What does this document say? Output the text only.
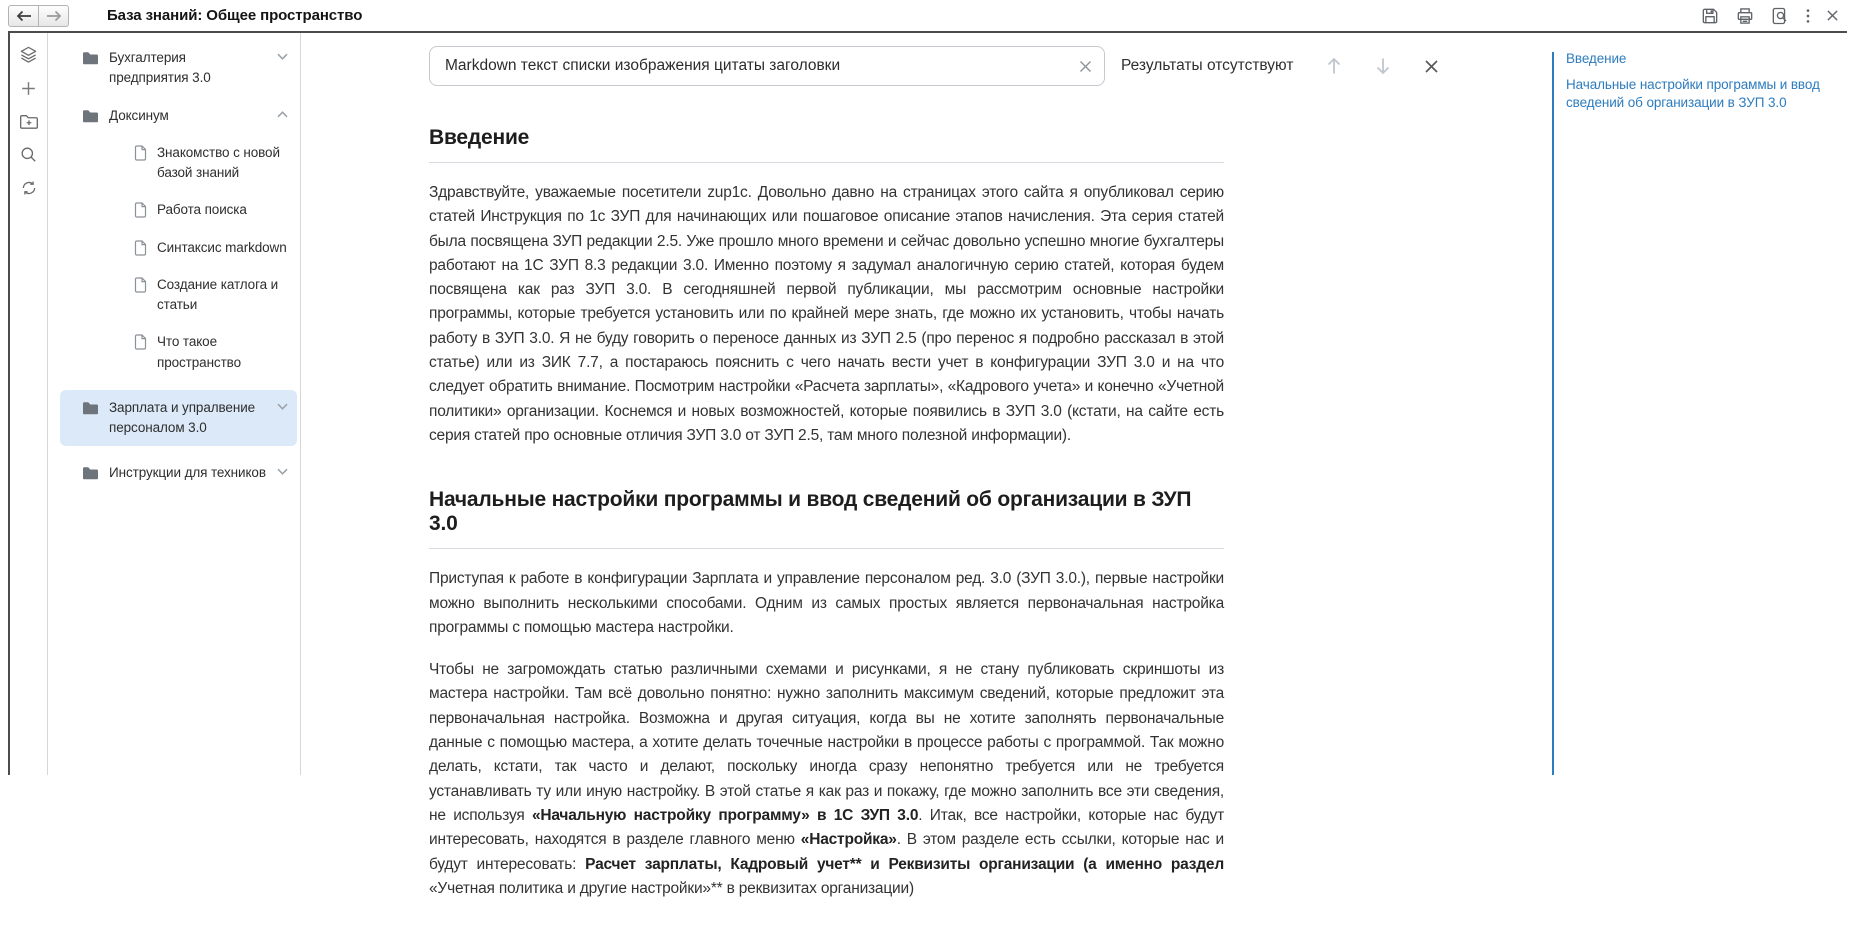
База знаний: Общее пространство
Бухгалтерия предприятия 3.0
Доксинум
Знакомство с новой базой знаний
Работа поиска
Синтаксис markdown
Создание катлога и статьи
Что такое пространство
Зарплата и упралвение персоналом 3.0
Инструкции для техников
Markdown текст списки изображения цитаты заголовки
Результаты отсутствуют
Введение

Здравствуйте, уважаемые посетители zup1c. Довольно давно на страницах этого сайта я опубликовал серию статей Инструкция по 1с ЗУП для начинающих или пошаговое описание этапов начисления. Эта серия статей была посвящена ЗУП редакции 2.5. Уже прошло много времени и сейчас довольно успешно многие бухгалтеры работают на 1С ЗУП 8.3 редакции 3.0. Именно поэтому я задумал аналогичную серию статей, которая будем посвящена как раз ЗУП 3.0. В сегодняшней первой публикации, мы рассмотрим основные настройки программы, которые требуется установить или по крайней мере знать, где можно их установить, чтобы начать работу в ЗУП 3.0. Я не буду говорить о переносе данных из ЗУП 2.5 (про перенос я подробно рассказал в этой статье) или из ЗИК 7.7, а постараюсь пояснить с чего начать вести учет в конфигурации ЗУП 3.0 и на что следует обратить внимание. Посмотрим настройки «Расчета зарплаты», «Кадрового учета» и конечно «Учетной политики» организации. Коснемся и новых возможностей, которые появились в ЗУП 3.0 (кстати, на сайте есть серия статей про основные отличия ЗУП 3.0 от ЗУП 2.5, там много полезной информации).

Начальные настройки программы и ввод сведений об организации в ЗУП 3.0

Приступая к работе в конфигурации Зарплата и управление персоналом ред. 3.0 (ЗУП 3.0.), первые настройки можно выполнить несколькими способами. Одним из самых простых является первоначальная настройка программы с помощью мастера настройки.

Чтобы не загромождать статью различными схемами и рисунками, я не стану публиковать скриншоты из мастера настройки. Там всё довольно понятно: нужно заполнить максимум сведений, которые предложит эта первоначальная настройка. Возможна и другая ситуация, когда вы не хотите заполнять первоначальные данные с помощью мастера, а хотите делать точечные настройки в процессе работы с программой. Так можно делать, кстати, так часто и делают, поскольку иногда сразу непонятно требуется или не требуется устанавливать ту или иную настройку. В этой статье я как раз и покажу, где можно заполнить все эти сведения, не используя «Начальную настройку программу» в 1С ЗУП 3.0. Итак, все настройки, которые нас будут интересовать, находятся в разделе главного меню «Настройка». В этом разделе есть ссылки, которые нас и будут интересовать: Расчет зарплаты, Кадровый учет** и Реквизиты организации (а именно раздел «Учетная политика и другие настройки»** в реквизитах организации)

Введение
Начальные настройки программы и ввод сведений об организации в ЗУП 3.0
